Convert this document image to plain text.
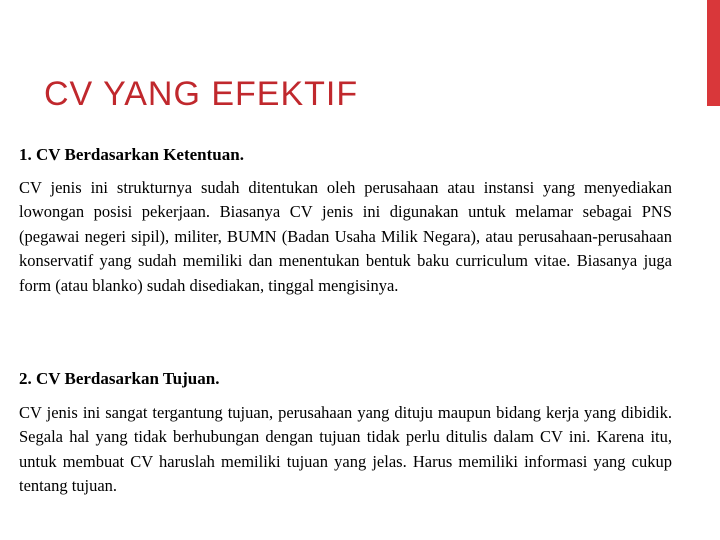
CV YANG EFEKTIF

1. CV Berdasarkan Ketentuan.

CV jenis ini strukturnya sudah ditentukan oleh perusahaan atau instansi yang menyediakan lowongan posisi pekerjaan. Biasanya CV jenis ini digunakan untuk melamar sebagai PNS (pegawai negeri sipil), militer, BUMN (Badan Usaha Milik Negara), atau perusahaan-perusahaan konservatif yang sudah memiliki dan menentukan bentuk baku curriculum vitae. Biasanya juga form (atau blanko) sudah disediakan, tinggal mengisinya.

2. CV Berdasarkan Tujuan.

CV jenis ini sangat tergantung tujuan, perusahaan yang dituju maupun bidang kerja yang dibidik. Segala hal yang tidak berhubungan dengan tujuan tidak perlu ditulis dalam CV ini. Karena itu, untuk membuat CV haruslah memiliki tujuan yang jelas. Harus memiliki informasi yang cukup tentang tujuan.
